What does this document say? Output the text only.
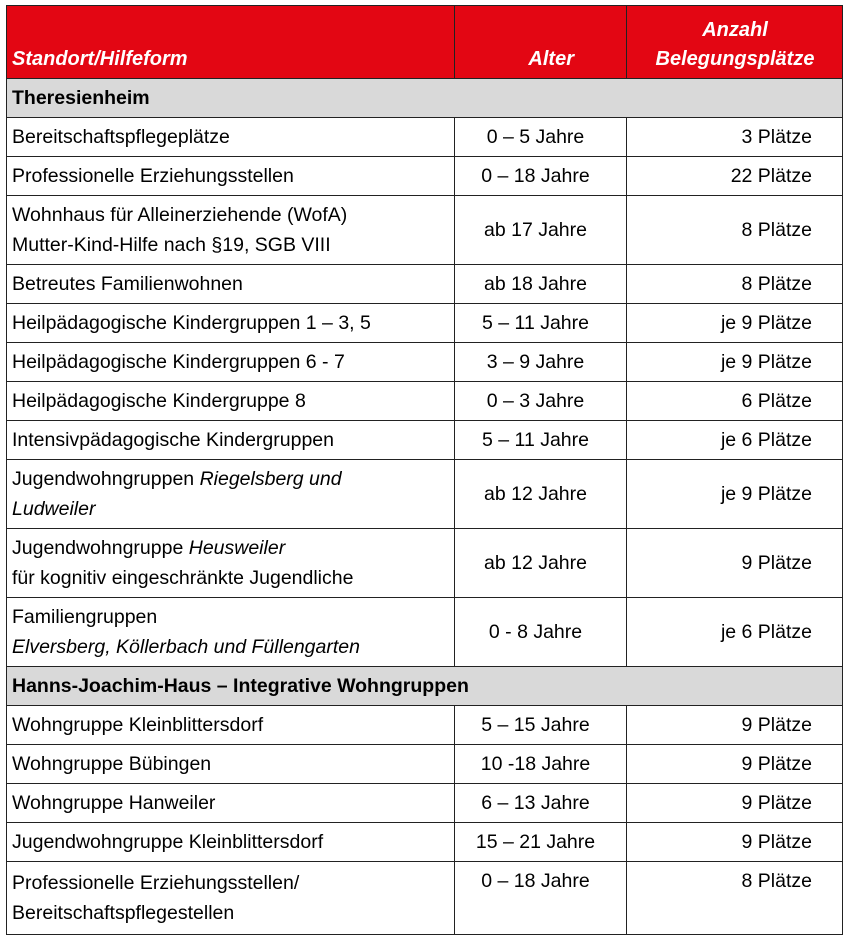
Standort/Hilfeform	Alter	Anzahl
Belegungsplätze

Theresienheim		
Bereitschaftspflegeplätze	0 – 5 Jahre	3 Plätze
Professionelle Erziehungsstellen	0 – 18 Jahre	22 Plätze

Wohnhaus für Alleinerziehende (WofA)
Mutter-Kind-Hilfe nach §19, SGB VIII	ab 17 Jahre	8 Plätze
Betreutes Familienwohnen	ab 18 Jahre	8 Plätze
Heilpädagogische Kindergruppen 1 – 3, 5	5 – 11 Jahre	je 9 Plätze
Heilpädagogische Kindergruppen 6 - 7	3 – 9 Jahre	je 9 Plätze
Heilpädagogische Kindergruppe 8	0 – 3 Jahre	6 Plätze
Intensivpädagogische Kindergruppen	5 – 11 Jahre	je 6 Plätze

Jugendwohngruppen Riegelsberg und
Ludweiler	ab 12 Jahre	je 9 Plätze

Jugendwohngruppe Heusweiler
für kognitiv eingeschränkte Jugendliche	ab 12 Jahre	9 Plätze

Familiengruppen
Elversberg, Köllerbach und Füllengarten	0 - 8 Jahre	je 6 Plätze
Hanns-Joachim-Haus – Integrative Wohngruppen		
Wohngruppe Kleinblittersdorf	5 – 15 Jahre	9 Plätze
Wohngruppe Bübingen	10 -18 Jahre	9 Plätze
Wohngruppe Hanweiler	6 – 13 Jahre	9 Plätze
Jugendwohngruppe Kleinblittersdorf	15 – 21 Jahre	9 Plätze

Professionelle Erziehungsstellen/
Bereitschaftspflegestellen	0 – 18 Jahre	8 Plätze
